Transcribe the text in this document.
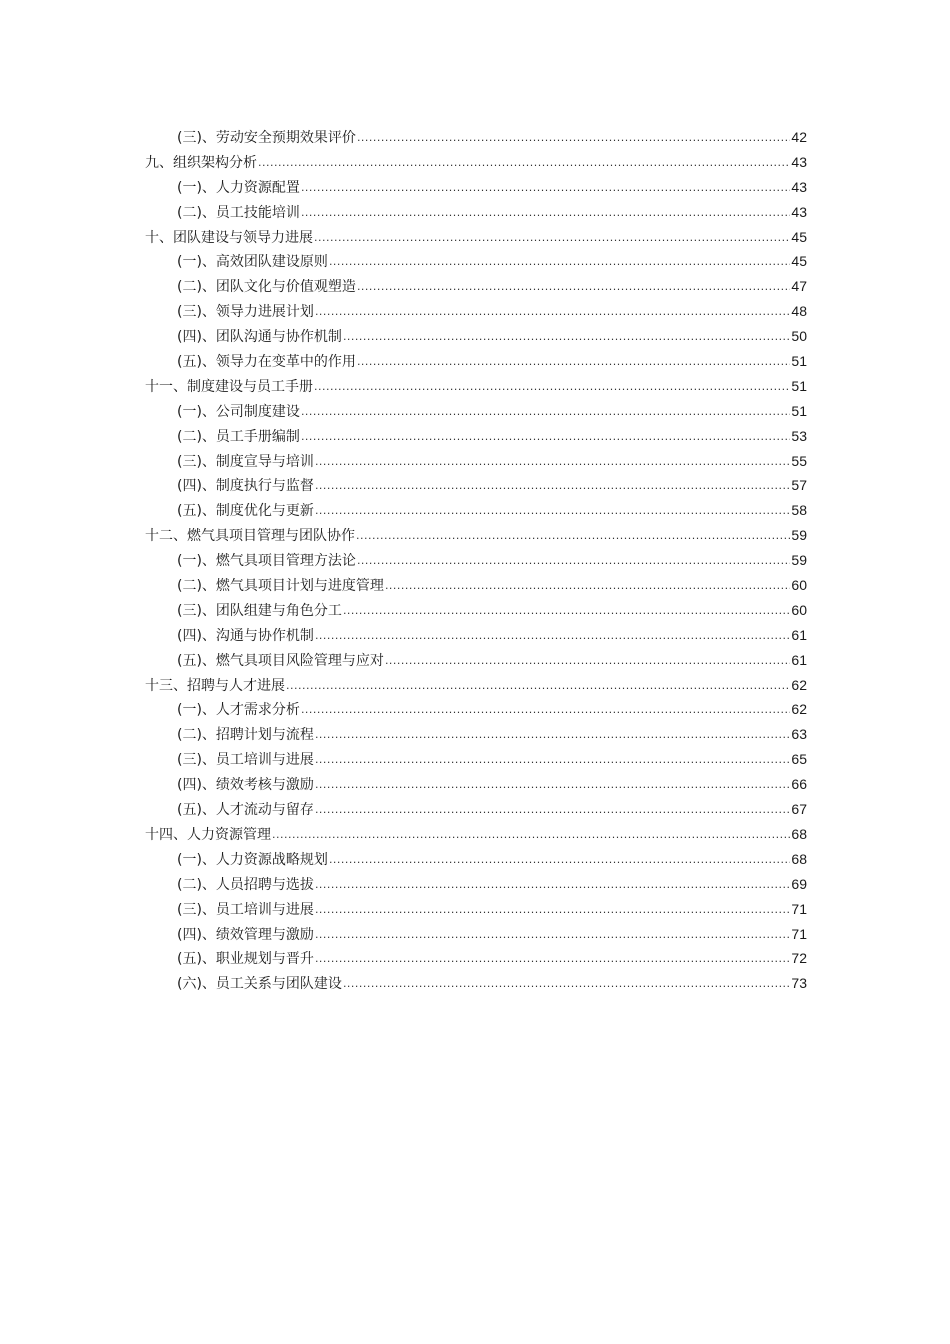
(三)、劳动安全预期效果评价 .....	42
九、组织架构分析 .....	43
(一)、人力资源配置 .....	43
(二)、员工技能培训 .....	43
十、团队建设与领导力进展 .....	45
(一)、高效团队建设原则 .....	45
(二)、团队文化与价值观塑造 .....	47
(三)、领导力进展计划 .....	48
(四)、团队沟通与协作机制 .....	50
(五)、领导力在变革中的作用 .....	51
十一、制度建设与员工手册 .....	51
(一)、公司制度建设 .....	51
(二)、员工手册编制 .....	53
(三)、制度宣导与培训 .....	55
(四)、制度执行与监督 .....	57
(五)、制度优化与更新 .....	58
十二、燃气具项目管理与团队协作 .....	59
(一)、燃气具项目管理方法论 .....	59
(二)、燃气具项目计划与进度管理 .....	60
(三)、团队组建与角色分工 .....	60
(四)、沟通与协作机制 .....	61
(五)、燃气具项目风险管理与应对 .....	61
十三、招聘与人才进展 .....	62
(一)、人才需求分析 .....	62
(二)、招聘计划与流程 .....	63
(三)、员工培训与进展 .....	65
(四)、绩效考核与激励 .....	66
(五)、人才流动与留存 .....	67
十四、人力资源管理 .....	68
(一)、人力资源战略规划 .....	68
(二)、人员招聘与选拔 .....	69
(三)、员工培训与进展 .....	71
(四)、绩效管理与激励 .....	71
(五)、职业规划与晋升 .....	72
(六)、员工关系与团队建设 .....	73
